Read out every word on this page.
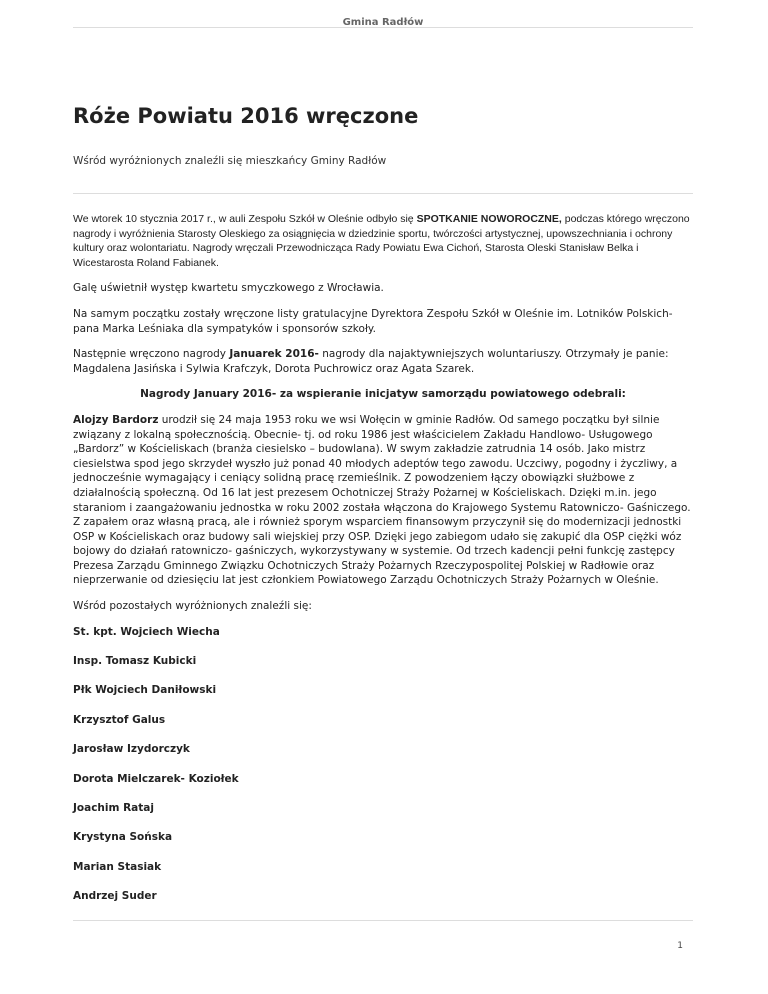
Gmina Radłów
Róże Powiatu 2016 wręczone
Wśród wyróżnionych znaleźli się mieszkańcy Gminy Radłów

We wtorek 10 stycznia 2017 r., w auli Zespołu Szkół w Oleśnie odbyło się SPOTKANIE NOWOROCZNE, podczas którego wręczono nagrody i wyróżnienia Starosty Oleskiego za osiągnięcia w dziedzinie sportu, twórczości artystycznej, upowszechniania i ochrony kultury oraz wolontariatu. Nagrody wręczali Przewodnicząca Rady Powiatu Ewa Cichoń, Starosta Oleski Stanisław Belka i Wicestarosta Roland Fabianek.

Galę uświetnił występ kwartetu smyczkowego z Wrocławia.

Na samym początku zostały wręczone listy gratulacyjne Dyrektora Zespołu Szkół w Oleśnie im. Lotników Polskich- pana Marka Leśniaka dla sympatyków i sponsorów szkoły.

Następnie wręczono nagrody Januarek 2016- nagrody dla najaktywniejszych woluntariuszy. Otrzymały je panie: Magdalena Jasińska i Sylwia Krafczyk, Dorota Puchrowicz oraz Agata Szarek.

Nagrody January 2016- za wspieranie inicjatyw samorządu powiatowego odebrali:

Alojzy Bardorz urodził się 24 maja 1953 roku we wsi Wołęcin w gminie Radłów. Od samego początku był silnie związany z lokalną społecznością. Obecnie- tj. od roku 1986 jest właścicielem Zakładu Handlowo- Usługowego „Bardorz” w Kościeliskach (branża ciesielsko – budowlana). W swym zakładzie zatrudnia 14 osób. Jako mistrz ciesielstwa spod jego skrzydeł wyszło już ponad 40 młodych adeptów tego zawodu. Uczciwy, pogodny i życzliwy, a jednocześnie wymagający i ceniący solidną pracę rzemieślnik. Z powodzeniem łączy obowiązki służbowe z działalnością społeczną. Od 16 lat jest prezesem Ochotniczej Straży Pożarnej w Kościeliskach. Dzięki m.in. jego staraniom i zaangażowaniu jednostka w roku 2002 została włączona do Krajowego Systemu Ratowniczo- Gaśniczego. Z zapałem oraz własną pracą, ale i również sporym wsparciem finansowym przyczynił się do modernizacji jednostki OSP w Kościeliskach oraz budowy sali wiejskiej przy OSP. Dzięki jego zabiegom udało się zakupić dla OSP ciężki wóz bojowy do działań ratowniczo- gaśniczych, wykorzystywany w systemie. Od trzech kadencji pełni funkcję zastępcy Prezesa Zarządu Gminnego Związku Ochotniczych Straży Pożarnych Rzeczypospolitej Polskiej w Radłowie oraz nieprzerwanie od dziesięciu lat jest członkiem Powiatowego Zarządu Ochotniczych Straży Pożarnych w Oleśnie.

Wśród pozostałych wyróżnionych znaleźli się:

St. kpt. Wojciech Wiecha

Insp. Tomasz Kubicki

Płk Wojciech Daniłowski

Krzysztof Galus

Jarosław Izydorczyk

Dorota Mielczarek- Koziołek

Joachim Rataj

Krystyna Sońska

Marian Stasiak

Andrzej Suder

1
